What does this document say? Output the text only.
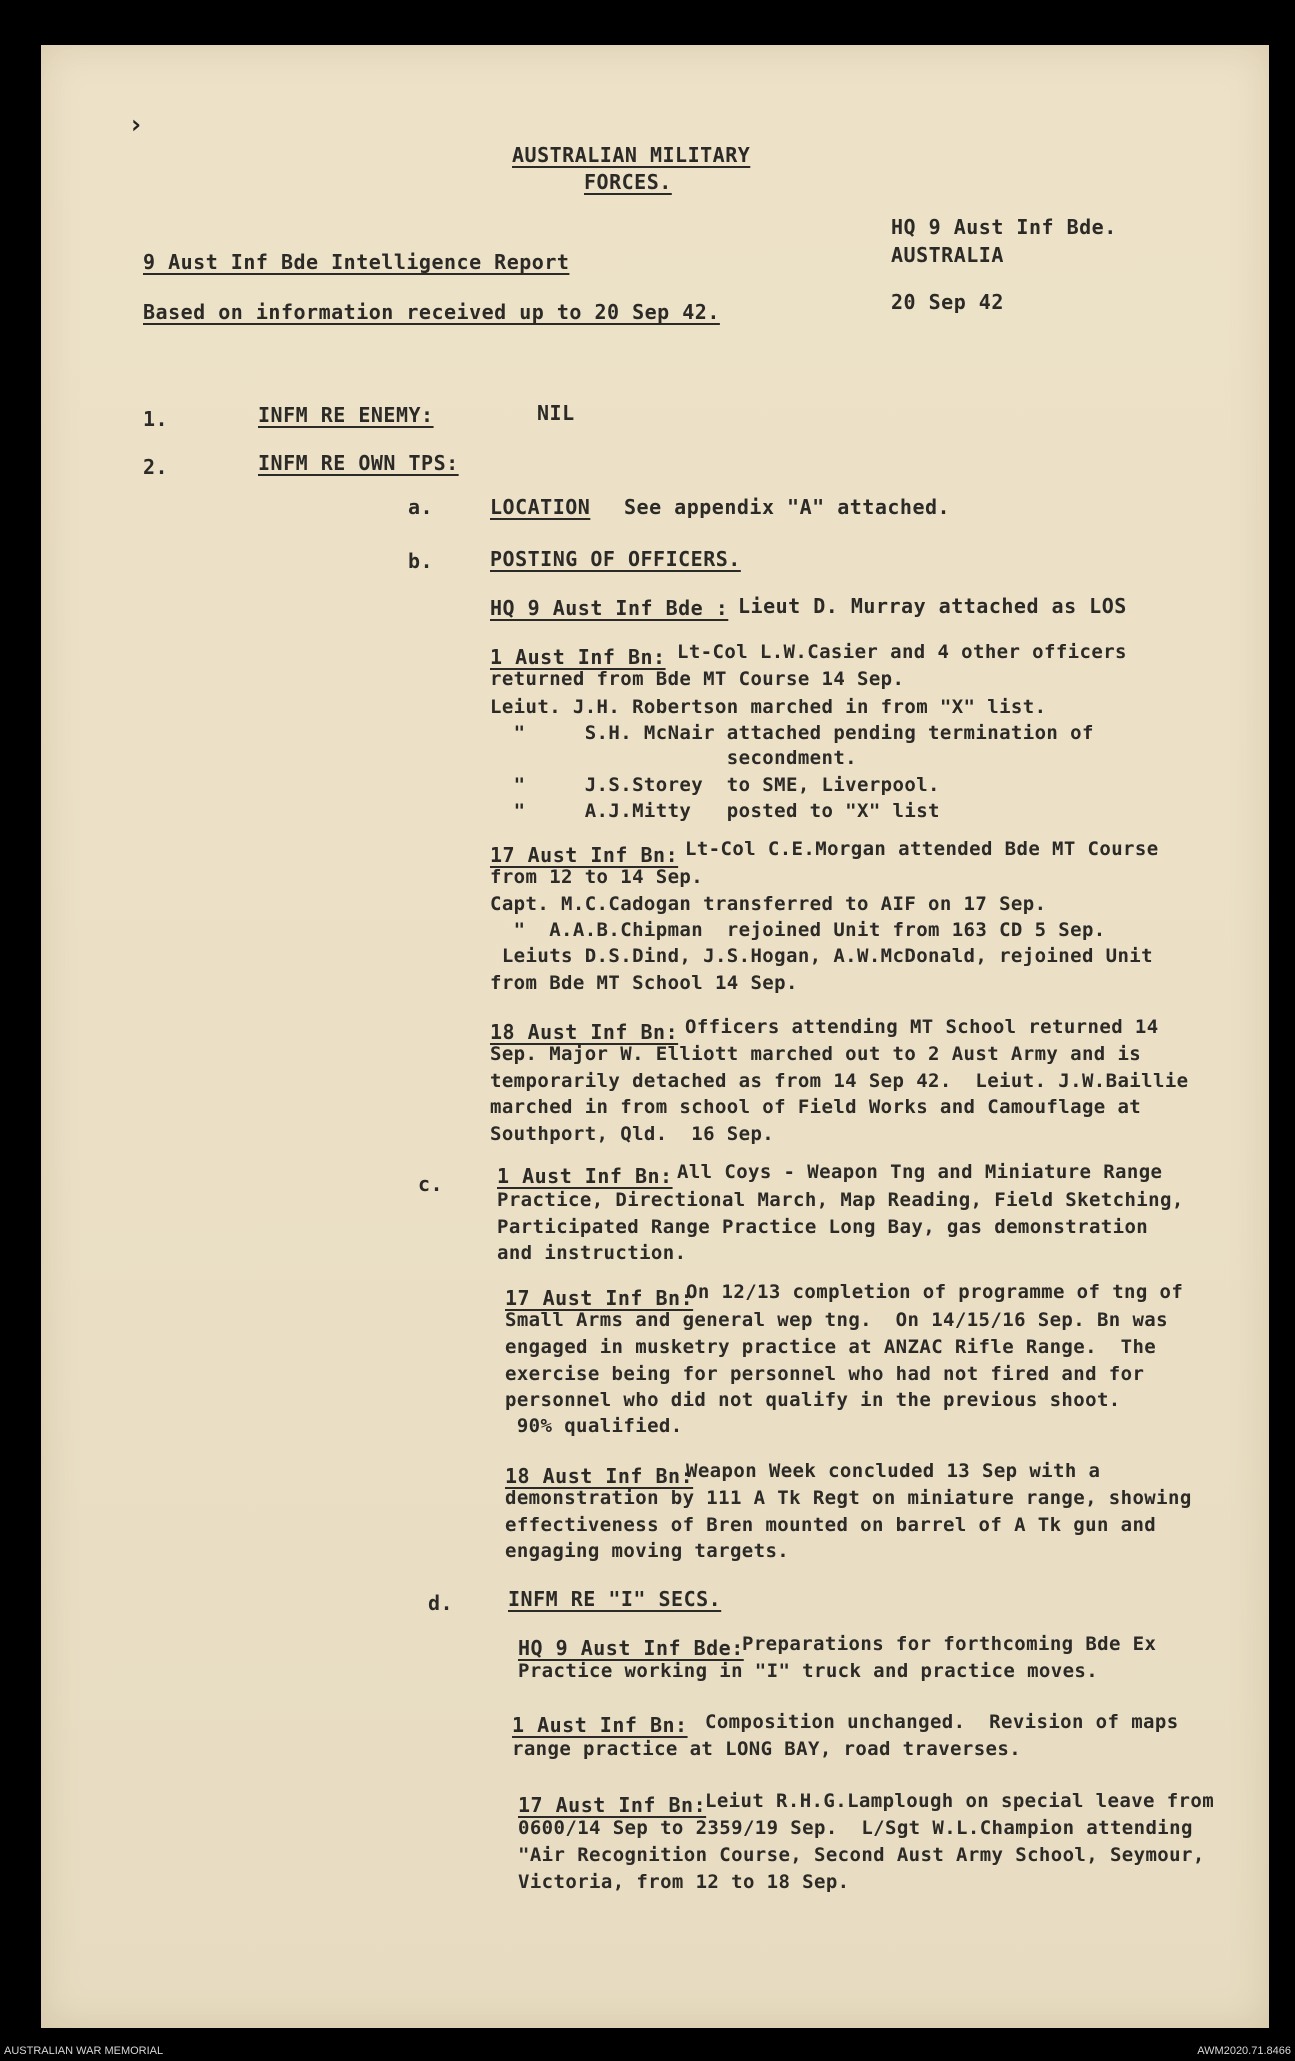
›
AUSTRALIAN MILITARY
FORCES.
HQ 9 Aust Inf Bde.
AUSTRALIA
9 Aust Inf Bde Intelligence Report
20 Sep 42
Based on information received up to 20 Sep 42.
1.	INFM RE ENEMY:	NIL
2.	INFM RE OWN TPS:
a.	LOCATION See appendix "A" attached.
b.	POSTING OF OFFICERS.
HQ 9 Aust Inf Bde : Lieut D. Murray attached as LOS
1 Aust Inf Bn: Lt-Col L.W.Casier and 4 other officers
returned from Bde MT Course 14 Sep.
Leiut. J.H. Robertson marched in from "X" list.
"     S.H. McNair attached pending termination of
secondment.
"     J.S.Storey  to SME, Liverpool.
"     A.J.Mitty   posted to "X" list
17 Aust Inf Bn: Lt-Col C.E.Morgan attended Bde MT Course
from 12 to 14 Sep.
Capt. M.C.Cadogan transferred to AIF on 17 Sep.
"  A.A.B.Chipman  rejoined Unit from 163 CD 5 Sep.
Leiuts D.S.Dind, J.S.Hogan, A.W.McDonald, rejoined Unit
from Bde MT School 14 Sep.
18 Aust Inf Bn: Officers attending MT School returned 14
Sep. Major W. Elliott marched out to 2 Aust Army and is
temporarily detached as from 14 Sep 42.  Leiut. J.W.Baillie
marched in from school of Field Works and Camouflage at
Southport, Qld.  16 Sep.
c.	1 Aust Inf Bn: All Coys - Weapon Tng and Miniature Range
Practice, Directional March, Map Reading, Field Sketching,
Participated Range Practice Long Bay, gas demonstration
and instruction.
17 Aust Inf Bn:
On 12/13 completion of programme of tng of
Small Arms and general wep tng.  On 14/15/16 Sep. Bn was
engaged in musketry practice at ANZAC Rifle Range.  The
exercise being for personnel who had not fired and for
personnel who did not qualify in the previous shoot.
90% qualified.
18 Aust Inf Bn:
Weapon Week concluded 13 Sep with a
demonstration by 111 A Tk Regt on miniature range, showing
effectiveness of Bren mounted on barrel of A Tk gun and
engaging moving targets.
d.	INFM RE "I" SECS.
HQ 9 Aust Inf Bde:
Preparations for forthcoming Bde Ex
Practice working in "I" truck and practice moves.
1 Aust Inf Bn: Composition unchanged.  Revision of maps
range practice at LONG BAY, road traverses.
17 Aust Inf Bn:
Leiut R.H.G.Lamplough on special leave from
0600/14 Sep to 2359/19 Sep.  L/Sgt W.L.Champion attending
"Air Recognition Course, Second Aust Army School, Seymour,
Victoria, from 12 to 18 Sep.
AUSTRALIAN WAR MEMORIAL	AWM2020.71.8466
